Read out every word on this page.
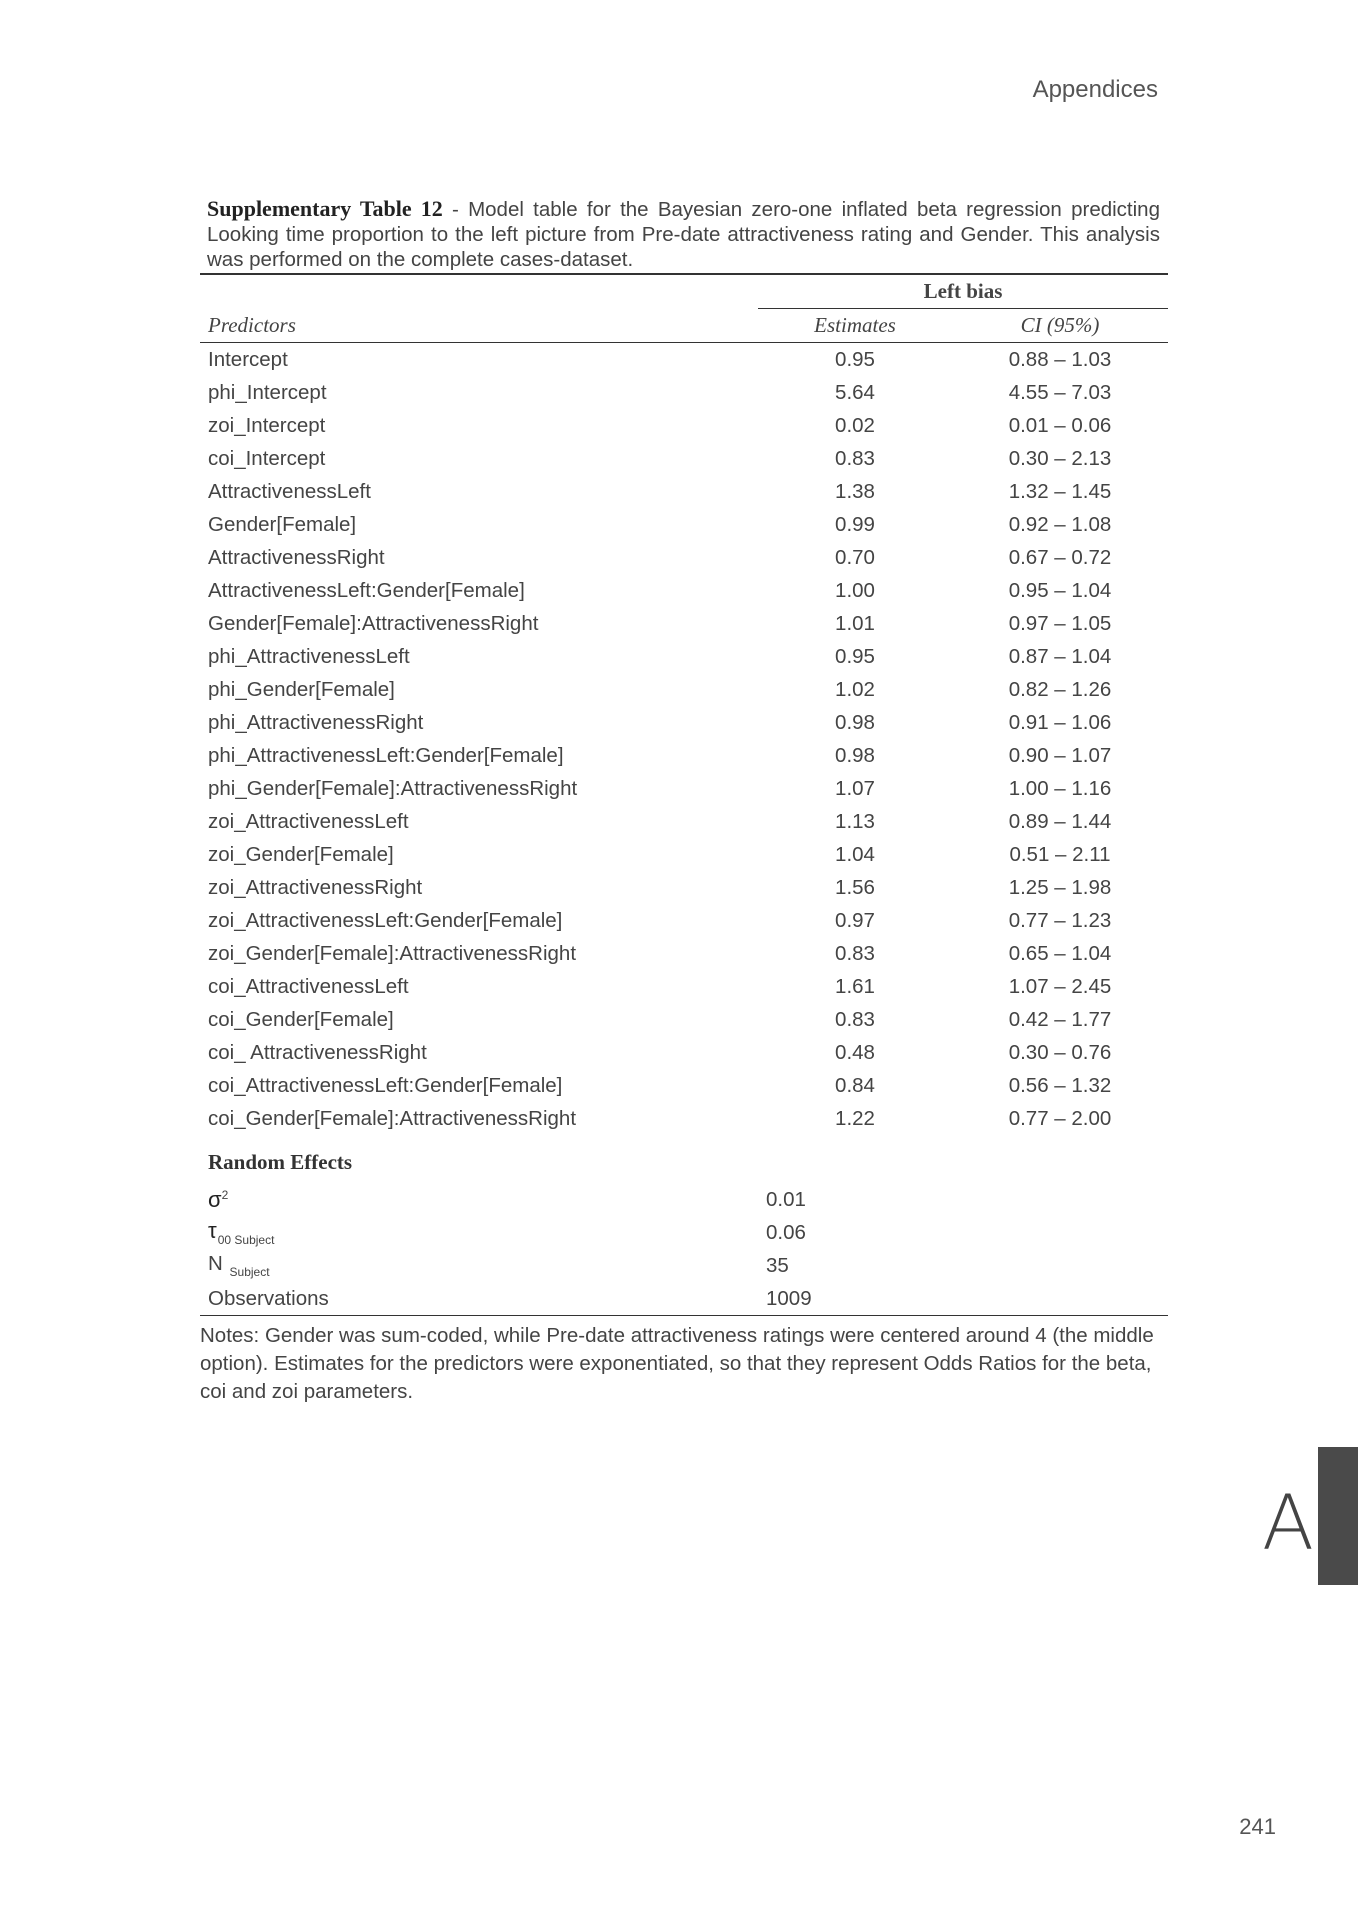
Appendices
Supplementary Table 12 - Model table for the Bayesian zero-one inflated beta regression predicting Looking time proportion to the left picture from Pre-date attractiveness rating and Gender. This analysis was performed on the complete cases-dataset.
	Left bias	
Predictors	Estimates	CI (95%)
Intercept	0.95	0.88 – 1.03
phi_Intercept	5.64	4.55 – 7.03
zoi_Intercept	0.02	0.01 – 0.06
coi_Intercept	0.83	0.30 – 2.13
AttractivenessLeft	1.38	1.32 – 1.45
Gender[Female]	0.99	0.92 – 1.08
AttractivenessRight	0.70	0.67 – 0.72
AttractivenessLeft:Gender[Female]	1.00	0.95 – 1.04
Gender[Female]:AttractivenessRight	1.01	0.97 – 1.05
phi_AttractivenessLeft	0.95	0.87 – 1.04
phi_Gender[Female]	1.02	0.82 – 1.26
phi_AttractivenessRight	0.98	0.91 – 1.06
phi_AttractivenessLeft:Gender[Female]	0.98	0.90 – 1.07
phi_Gender[Female]:AttractivenessRight	1.07	1.00 – 1.16
zoi_AttractivenessLeft	1.13	0.89 – 1.44
zoi_Gender[Female]	1.04	0.51 – 2.11
zoi_AttractivenessRight	1.56	1.25 – 1.98
zoi_AttractivenessLeft:Gender[Female]	0.97	0.77 – 1.23
zoi_Gender[Female]:AttractivenessRight	0.83	0.65 – 1.04
coi_AttractivenessLeft	1.61	1.07 – 2.45
coi_Gender[Female]	0.83	0.42 – 1.77
coi_ AttractivenessRight	0.48	0.30 – 0.76
coi_AttractivenessLeft:Gender[Female]	0.84	0.56 – 1.32
coi_Gender[Female]:AttractivenessRight	1.22	0.77 – 2.00
Random Effects		
$\sigma^2$	0.01	
$\tau_{00 Subject}$	0.06	
N $_{Subject}$	35	
Observations	1009	
Notes: Gender was sum-coded, while Pre-date attractiveness ratings were centered around 4 (the middle option). Estimates for the predictors were exponentiated, so that they represent Odds Ratios for the beta, coi and zoi parameters.
A
241
